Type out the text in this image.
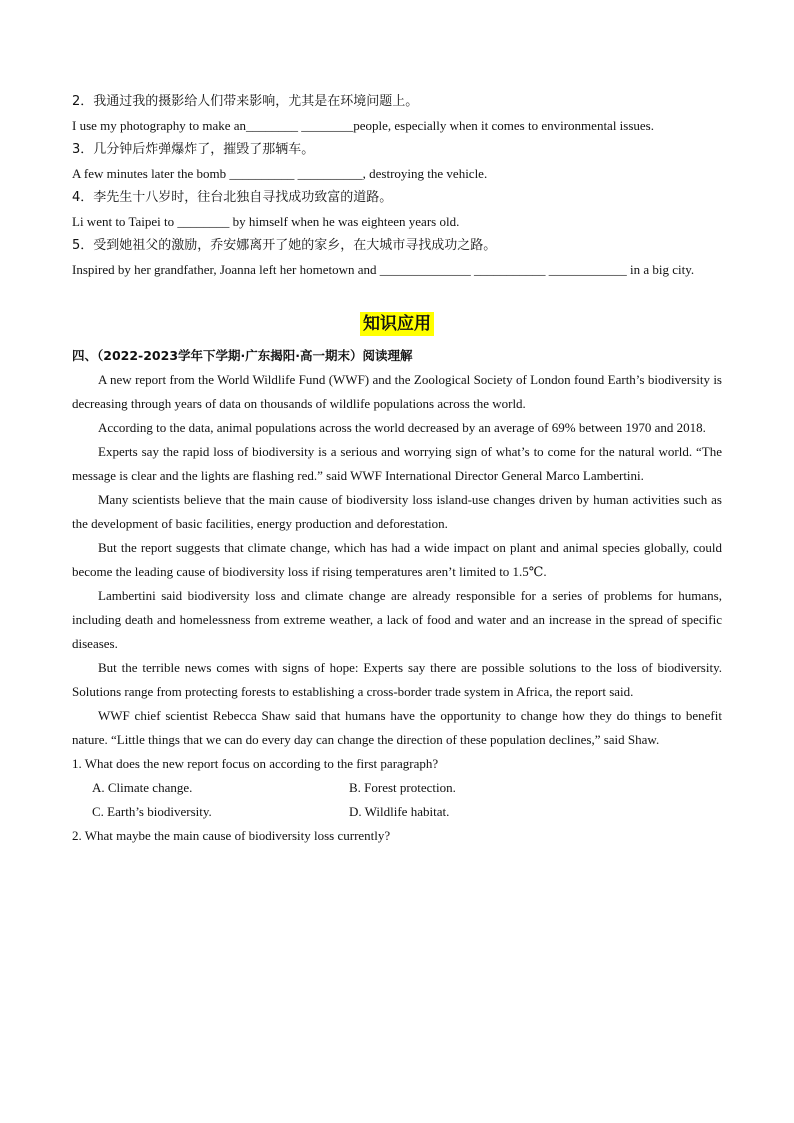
2．我通过我的摄影给人们带来影响，尤其是在环境问题上。

I use my photography to make an________ ________people, especially when it comes to environmental issues.

3．几分钟后炸弹爆炸了，摧毁了那辆车。

A few minutes later the bomb __________ __________, destroying the vehicle.

4．李先生十八岁时，往台北独自寻找成功致富的道路。

Li went to Taipei to ________ by himself when he was eighteen years old.

5．受到她祖父的激励，乔安娜离开了她的家乡，在大城市寻找成功之路。

Inspired by her grandfather, Joanna left her hometown and ______________ ___________ ____________ in a big city.

知识应用

四、（2022-2023学年下学期·广东揭阳·高一期末）阅读理解

A new report from the World Wildlife Fund (WWF) and the Zoological Society of London found Earth’s biodiversity is decreasing through years of data on thousands of wildlife populations across the world.

According to the data, animal populations across the world decreased by an average of 69% between 1970 and 2018.

Experts say the rapid loss of biodiversity is a serious and worrying sign of what’s to come for the natural world. “The message is clear and the lights are flashing red.” said WWF International Director General Marco Lambertini.

Many scientists believe that the main cause of biodiversity loss island-use changes driven by human activities such as the development of basic facilities, energy production and deforestation.

But the report suggests that climate change, which has had a wide impact on plant and animal species globally, could become the leading cause of biodiversity loss if rising temperatures aren’t limited to 1.5℃.

Lambertini said biodiversity loss and climate change are already responsible for a series of problems for humans, including death and homelessness from extreme weather, a lack of food and water and an increase in the spread of specific diseases.

But the terrible news comes with signs of hope: Experts say there are possible solutions to the loss of biodiversity. Solutions range from protecting forests to establishing a cross-border trade system in Africa, the report said.

WWF chief scientist Rebecca Shaw said that humans have the opportunity to change how they do things to benefit nature. “Little things that we can do every day can change the direction of these population declines,” said Shaw.

1. What does the new report focus on according to the first paragraph?

A. Climate change.	B. Forest protection.
C. Earth’s biodiversity.	D. Wildlife habitat.

2. What maybe the main cause of biodiversity loss currently?
